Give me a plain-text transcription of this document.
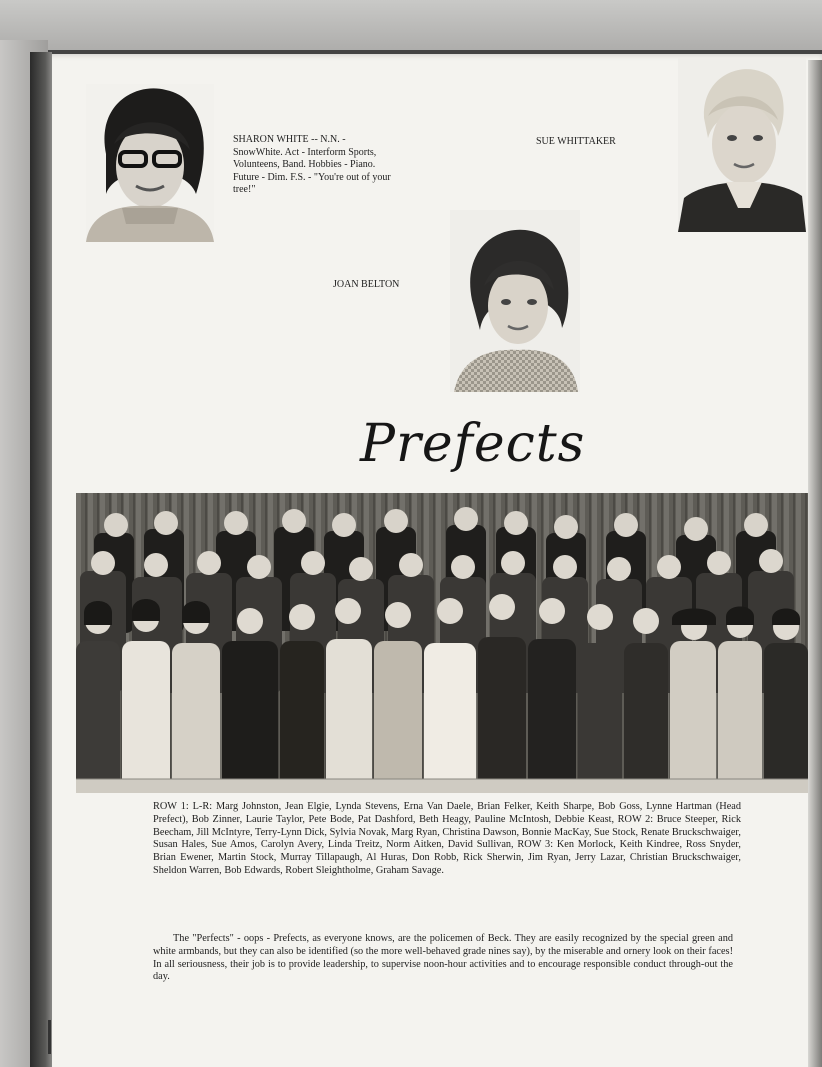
SHARON WHITE -- N.N. - SnowWhite. Act - Interform Sports, Volunteens, Band. Hobbies - Piano. Future - Dim. F.S. - "You're out of your tree!"
SUE WHITTAKER
JOAN BELTON
Prefects
ROW 1: L-R: Marg Johnston, Jean Elgie, Lynda Stevens, Erna Van Daele, Brian Felker, Keith Sharpe, Bob Goss, Lynne Hartman (Head Prefect), Bob Zinner, Laurie Taylor, Pete Bode, Pat Dashford, Beth Heagy, Pauline McIntosh, Debbie Keast, ROW 2: Bruce Steeper, Rick Beecham, Jill McIntyre, Terry-Lynn Dick, Sylvia Novak, Marg Ryan, Christina Dawson, Bonnie MacKay, Sue Stock, Renate Bruckschwaiger, Susan Hales, Sue Amos, Carolyn Avery, Linda Treitz, Norm Aitken, David Sullivan, ROW 3: Ken Morlock, Keith Kindree, Ross Snyder, Brian Ewener, Martin Stock, Murray Tillapaugh, Al Huras, Don Robb, Rick Sherwin, Jim Ryan, Jerry Lazar, Christian Bruckschwaiger, Sheldon Warren, Bob Edwards, Robert Sleightholme, Graham Savage.
The "Perfects" - oops - Prefects, as everyone knows, are the policemen of Beck. They are easily recognized by the special green and white armbands, but they can also be identified (so the more well-behaved grade nines say), by the miserable and ornery look on their faces! In all seriousness, their job is to provide leadership, to supervise noon-hour activities and to encourage responsible conduct through-out the day.
